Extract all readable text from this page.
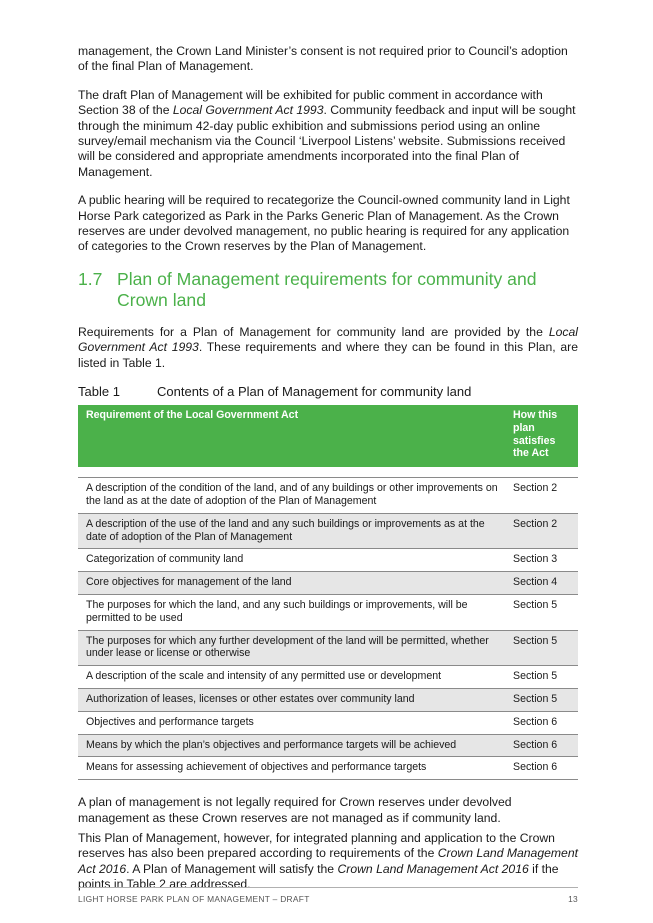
management, the Crown Land Minister’s consent is not required prior to Council’s adoption of the final Plan of Management.

The draft Plan of Management will be exhibited for public comment in accordance with Section 38 of the Local Government Act 1993. Community feedback and input will be sought through the minimum 42-day public exhibition and submissions period using an online survey/email mechanism via the Council ‘Liverpool Listens’ website. Submissions received will be considered and appropriate amendments incorporated into the final Plan of Management.

A public hearing will be required to recategorize the Council-owned community land in Light Horse Park categorized as Park in the Parks Generic Plan of Management. As the Crown reserves are under devolved management, no public hearing is required for any application of categories to the Crown reserves by the Plan of Management.

1.7 Plan of Management requirements for community and Crown land

Requirements for a Plan of Management for community land are provided by the Local Government Act 1993. These requirements and where they can be found in this Plan, are listed in Table 1.

Table 1	Contents of a Plan of Management for community land
Requirement of the Local Government Act	How this plan satisfies the Act

A description of the condition of the land, and of any buildings or other improvements on the land as at the date of adoption of the Plan of Management	Section 2
A description of the use of the land and any such buildings or improvements as at the date of adoption of the Plan of Management	Section 2
Categorization of community land	Section 3
Core objectives for management of the land	Section 4
The purposes for which the land, and any such buildings or improvements, will be permitted to be used	Section 5
The purposes for which any further development of the land will be permitted, whether under lease or license or otherwise	Section 5
A description of the scale and intensity of any permitted use or development	Section 5
Authorization of leases, licenses or other estates over community land	Section 5
Objectives and performance targets	Section 6
Means by which the plan’s objectives and performance targets will be achieved	Section 6
Means for assessing achievement of objectives and performance targets	Section 6

A plan of management is not legally required for Crown reserves under devolved management as these Crown reserves are not managed as if community land.

This Plan of Management, however, for integrated planning and application to the Crown reserves has also been prepared according to requirements of the Crown Land Management Act 2016. A Plan of Management will satisfy the Crown Land Management Act 2016 if the points in Table 2 are addressed.

LIGHT HORSE PARK PLAN OF MANAGEMENT – DRAFT	13
